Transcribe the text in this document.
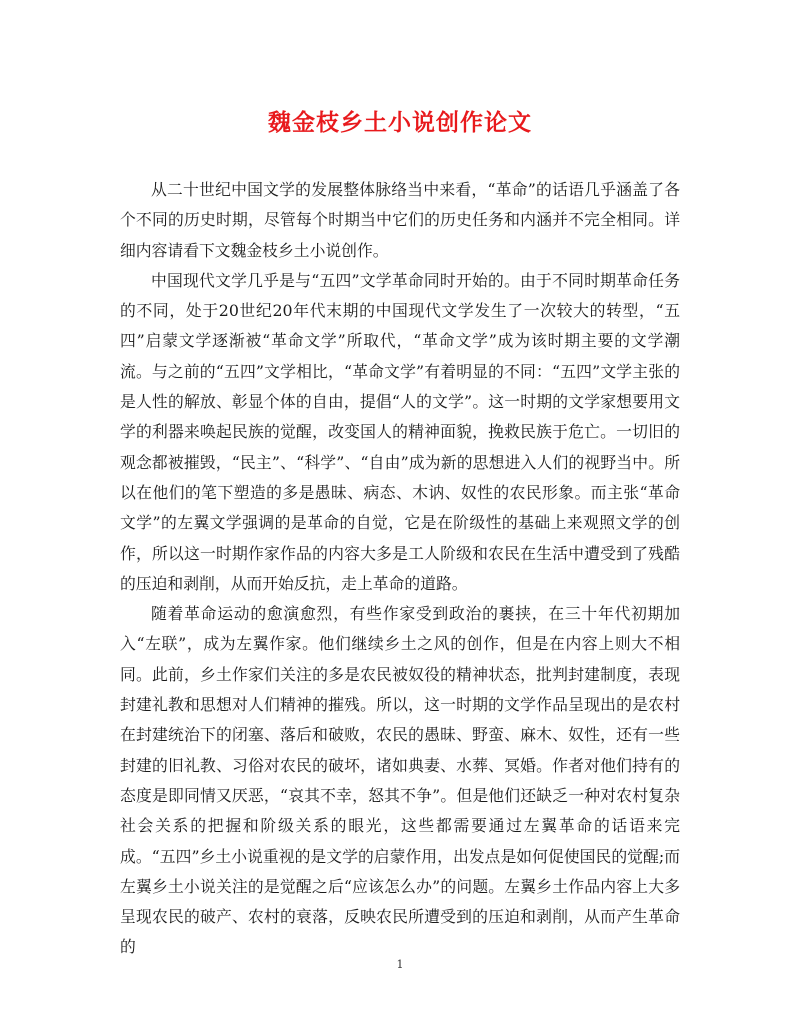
魏金枝乡土小说创作论文

从二十世纪中国文学的发展整体脉络当中来看，“革命”的话语几乎涵盖了各个不同的历史时期，尽管每个时期当中它们的历史任务和内涵并不完全相同。详细内容请看下文魏金枝乡土小说创作。

中国现代文学几乎是与“五四”文学革命同时开始的。由于不同时期革命任务的不同，处于20世纪20年代末期的中国现代文学发生了一次较大的转型，“五四”启蒙文学逐渐被“革命文学”所取代，“革命文学”成为该时期主要的文学潮流。与之前的“五四”文学相比，“革命文学”有着明显的不同：“五四”文学主张的是人性的解放、彰显个体的自由，提倡“人的文学”。这一时期的文学家想要用文学的利器来唤起民族的觉醒，改变国人的精神面貌，挽救民族于危亡。一切旧的观念都被摧毁，“民主”、“科学”、“自由”成为新的思想进入人们的视野当中。所以在他们的笔下塑造的多是愚昧、病态、木讷、奴性的农民形象。而主张“革命文学”的左翼文学强调的是革命的自觉，它是在阶级性的基础上来观照文学的创作，所以这一时期作家作品的内容大多是工人阶级和农民在生活中遭受到了残酷的压迫和剥削，从而开始反抗，走上革命的道路。

随着革命运动的愈演愈烈，有些作家受到政治的裹挟，在三十年代初期加入“左联”，成为左翼作家。他们继续乡土之风的创作，但是在内容上则大不相同。此前，乡土作家们关注的多是农民被奴役的精神状态，批判封建制度，表现封建礼教和思想对人们精神的摧残。所以，这一时期的文学作品呈现出的是农村在封建统治下的闭塞、落后和破败，农民的愚昧、野蛮、麻木、奴性，还有一些封建的旧礼教、习俗对农民的破坏，诸如典妻、水葬、冥婚。作者对他们持有的态度是即同情又厌恶，“哀其不幸，怒其不争”。但是他们还缺乏一种对农村复杂社会关系的把握和阶级关系的眼光，这些都需要通过左翼革命的话语来完成。“五四”乡土小说重视的是文学的启蒙作用，出发点是如何促使国民的觉醒;而左翼乡土小说关注的是觉醒之后“应该怎么办”的问题。左翼乡土作品内容上大多呈现农民的破产、农村的衰落，反映农民所遭受到的压迫和剥削，从而产生革命的

1
